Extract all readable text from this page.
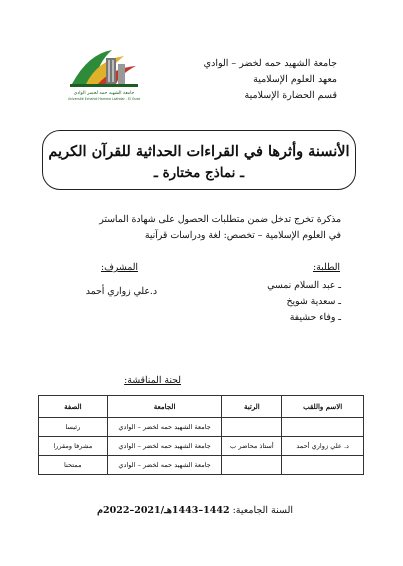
جامعة الشهيد حمه لخضر – الوادي
معهد العلوم الإسلامية
قسم الحضارة الإسلامية
جامعة الشهيد حمه لخضر الوادي
Université Echahid Hamma Lakhdar - El Oued
الأنسنة وأثرها في القراءات الحداثية للقرآن الكريم
ـ نماذج مختارة ـ
مذكرة تخرج تدخل ضمن متطلبات الحصول على شهادة الماستر
في العلوم الإسلامية – تخصص: لغة ودراسات قرآنية
الطلبة:
ـ عبد السلام نمسي
ـ سعدية شويخ
ـ وفاء حشيفة
المشرف:
د.علي زواري أحمد
لجنة المناقشة:
الاسم واللقب	الرتبة	الجامعة	الصفة
		جامعة الشهيد حمه لخضر – الوادي	رئيسا
د. علي زواري أحمد	أستاذ محاضر ب	جامعة الشهيد حمه لخضر – الوادي	مشرفا ومقررا
		جامعة الشهيد حمه لخضر – الوادي	ممتحنا
السنة الجامعية: 1442–1443هـ/2021–2022م
